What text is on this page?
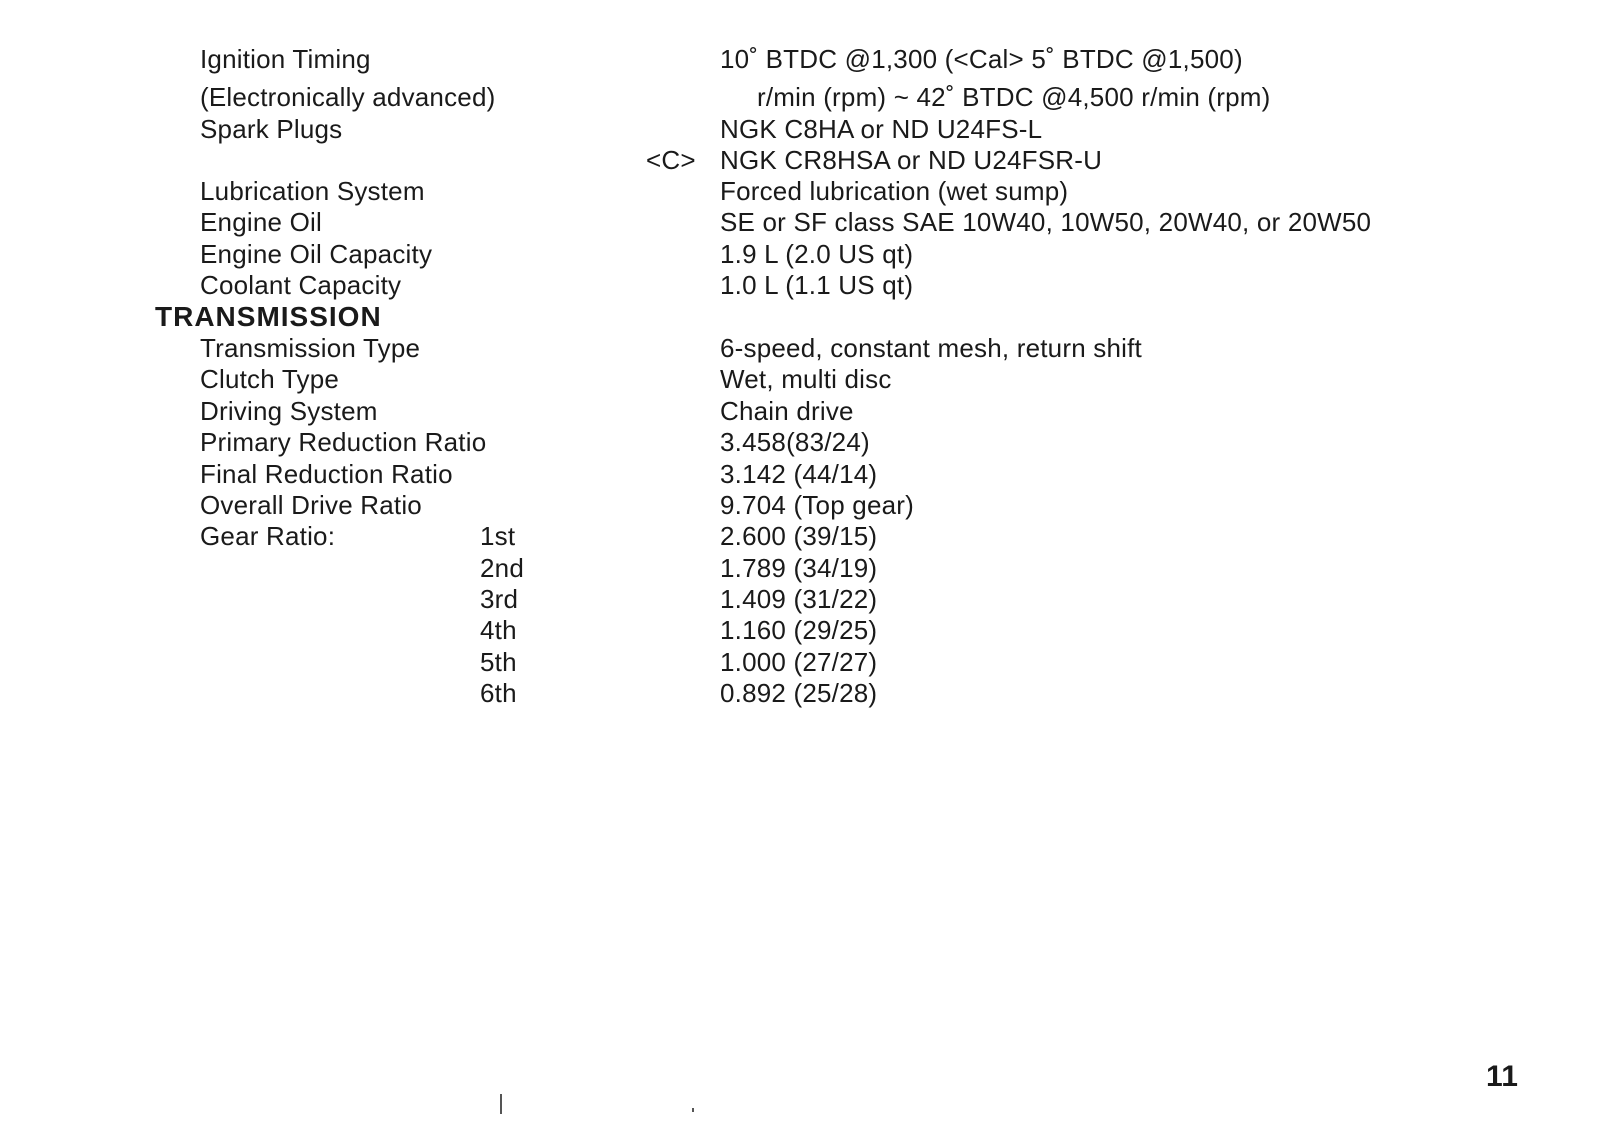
Ignition Timing	10˚ BTDC @1,300 (<Cal> 5˚ BTDC @1,500)
(Electronically advanced)	r/min (rpm) ~ 42˚ BTDC @4,500 r/min (rpm)
Spark Plugs	NGK C8HA or ND U24FS-L
<C> NGK CR8HSA or ND U24FSR-U
Lubrication System	Forced lubrication (wet sump)
Engine Oil	SE or SF class SAE 10W40, 10W50, 20W40, or 20W50
Engine Oil Capacity	1.9 L (2.0 US qt)
Coolant Capacity	1.0 L (1.1 US qt)
TRANSMISSION
Transmission Type	6-speed, constant mesh, return shift
Clutch Type	Wet, multi disc
Driving System	Chain drive
Primary Reduction Ratio	3.458(83/24)
Final Reduction Ratio	3.142 (44/14)
Overall Drive Ratio	9.704 (Top gear)
Gear Ratio:	1st	2.600 (39/15)
2nd	1.789 (34/19)
3rd	1.409 (31/22)
4th	1.160 (29/25)
5th	1.000 (27/27)
6th	0.892 (25/28)
11
